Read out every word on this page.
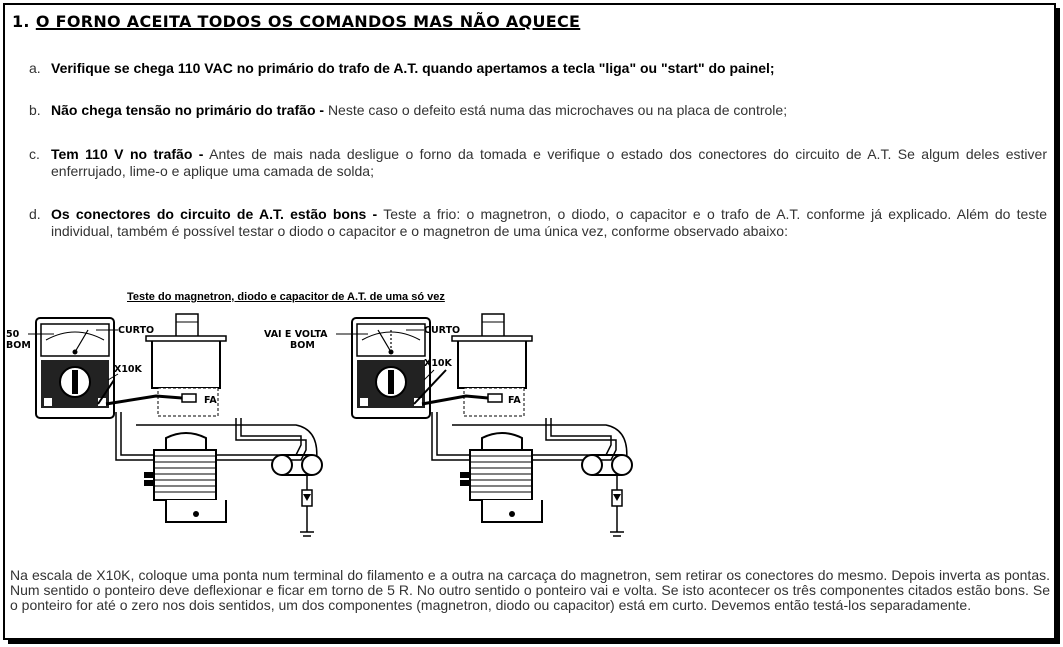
1. O FORNO ACEITA TODOS OS COMANDOS MAS NÃO AQUECE
a. Verifique se chega 110 VAC no primário do trafo de A.T. quando apertamos a tecla "liga" ou "start" do painel;
b. Não chega tensão no primário do trafão - Neste caso o defeito está numa das microchaves ou na placa de controle;
c. Tem 110 V no trafão - Antes de mais nada desligue o forno da tomada e verifique o estado dos conectores do circuito de A.T. Se algum deles estiver enferrujado, lime-o e aplique uma camada de solda;
d. Os conectores do circuito de A.T. estão bons - Teste a frio: o magnetron, o diodo, o capacitor e o trafo de A.T. conforme já explicado. Além do teste individual, também é possível testar o diodo o capacitor e o magnetron de uma única vez, conforme observado abaixo:
Teste do magnetron, diodo e capacitor de A.T. de uma só vez
50
BOM
CURTO
X10K
FA
VAI E VOLTA
BOM
CURTO
X10K
FA
Na escala de X10K, coloque uma ponta num terminal do filamento e a outra na carcaça do magnetron, sem retirar os conectores do mesmo. Depois inverta as pontas. Num sentido o ponteiro deve deflexionar e ficar em torno de 5 R. No outro sentido o ponteiro vai e volta. Se isto acontecer os três componentes citados estão bons. Se o ponteiro for até o zero nos dois sentidos, um dos componentes (magnetron, diodo ou capacitor) está em curto. Devemos então testá-los separadamente.
